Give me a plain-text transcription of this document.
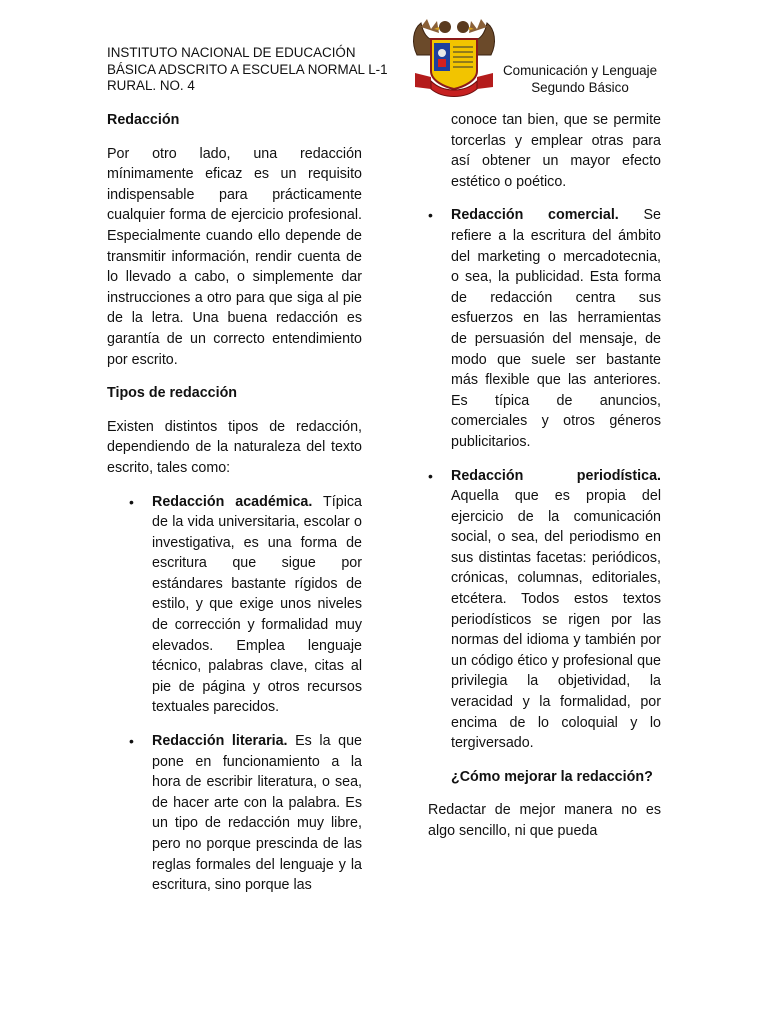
INSTITUTO NACIONAL DE EDUCACIÓN
BÁSICA ADSCRITO A ESCUELA NORMAL L-1
RURAL. NO. 4
Comunicación y Lenguaje
Segundo Básico
Redacción

Por otro lado, una redacción mínimamente eficaz es un requisito indispensable para prácticamente cualquier forma de ejercicio profesional. Especialmente cuando ello depende de transmitir información, rendir cuenta de lo llevado a cabo, o simplemente dar instrucciones a otro para que siga al pie de la letra. Una buena redacción es garantía de un correcto entendimiento por escrito.

Tipos de redacción

Existen distintos tipos de redacción, dependiendo de la naturaleza del texto escrito, tales como:

• Redacción académica. Típica de la vida universitaria, escolar o investigativa, es una forma de escritura que sigue por estándares bastante rígidos de estilo, y que exige unos niveles de corrección y formalidad muy elevados. Emplea lenguaje técnico, palabras clave, citas al pie de página y otros recursos textuales parecidos.
• Redacción literaria. Es la que pone en funcionamiento a la hora de escribir literatura, o sea, de hacer arte con la palabra. Es un tipo de redacción muy libre, pero no porque prescinda de las reglas formales del lenguaje y la escritura, sino porque las
conoce tan bien, que se permite torcerlas y emplear otras para así obtener un mayor efecto estético o poético.
• Redacción comercial. Se refiere a la escritura del ámbito del marketing o mercadotecnia, o sea, la publicidad. Esta forma de redacción centra sus esfuerzos en las herramientas de persuasión del mensaje, de modo que suele ser bastante más flexible que las anteriores. Es típica de anuncios, comerciales y otros géneros publicitarios.
• Redacción periodística. Aquella que es propia del ejercicio de la comunicación social, o sea, del periodismo en sus distintas facetas: periódicos, crónicas, columnas, editoriales, etcétera. Todos estos textos periodísticos se rigen por las normas del idioma y también por un código ético y profesional que privilegia la objetividad, la veracidad y la formalidad, por encima de lo coloquial y lo tergiversado.
¿Cómo mejorar la redacción?

Redactar de mejor manera no es algo sencillo, ni que pueda
